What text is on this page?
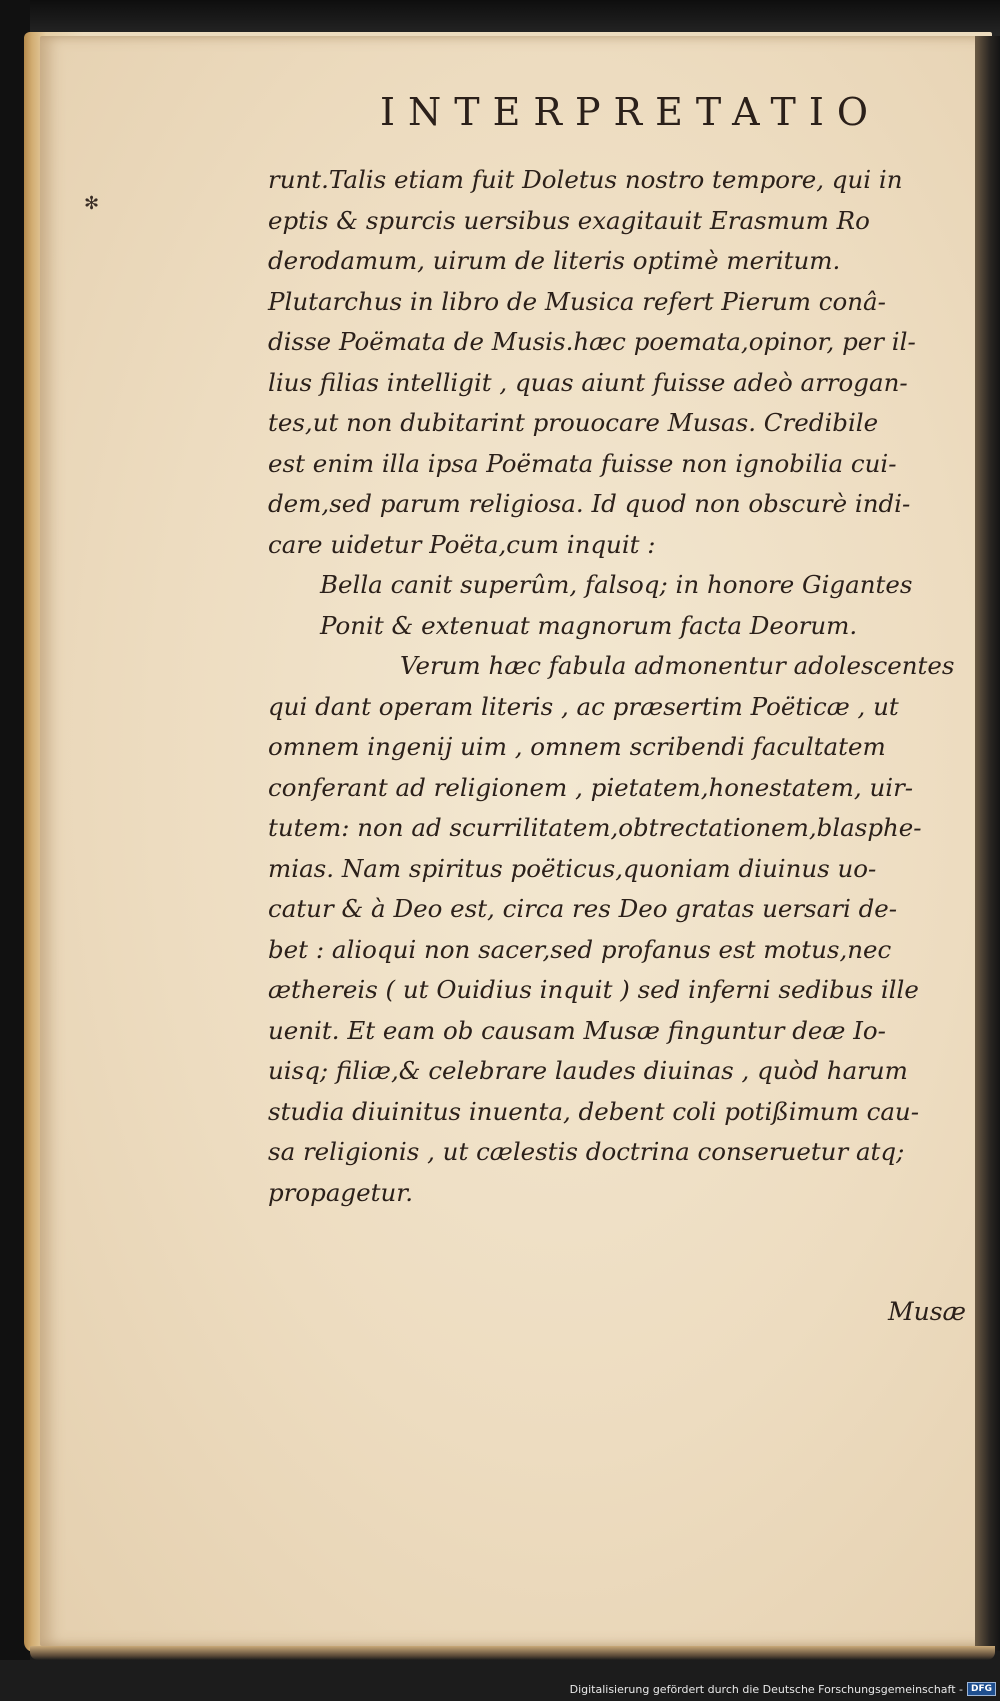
✻
INTERPRETATIO
runt.Talis etiam fuit Doletus nostro tempore, qui in
eptis & spurcis uersibus exagitauit Erasmum Ro
derodamum, uirum de literis optimè meritum.
Plutarchus in libro de Musica refert Pierum conâ-
disse Poëmata de Musis.hæc poemata,opinor, per il-
lius filias intelligit , quas aiunt fuisse adeò arrogan-
tes,ut non dubitarint prouocare Musas. Credibile
est enim illa ipsa Poëmata fuisse non ignobilia cui-
dem,sed parum religiosa. Id quod non obscurè indi-
care uidetur Poëta,cum inquit :
Bella canit superûm, falsoq; in honore Gigantes
Ponit & extenuat magnorum facta Deorum.
Verum hæc fabula admonentur adolescentes
qui dant operam literis , ac præsertim Poëticæ , ut
omnem ingenij uim , omnem scribendi facultatem
conferant ad religionem , pietatem,honestatem, uir-
tutem: non ad scurrilitatem,obtrectationem,blasphe-
mias. Nam spiritus poëticus,quoniam diuinus uo-
catur & à Deo est, circa res Deo gratas uersari de-
bet : alioqui non sacer,sed profanus est motus,nec
æthereis ( ut Ouidius inquit ) sed inferni sedibus ille
uenit. Et eam ob causam Musæ finguntur deæ Io-
uisq; filiæ,& celebrare laudes diuinas , quòd harum
studia diuinitus inuenta, debent coli potißimum cau-
sa religionis , ut cælestis doctrina conseruetur atq;
propagetur.
Musæ
Digitalisierung gefördert durch die Deutsche Forschungsgemeinschaft - DFG
